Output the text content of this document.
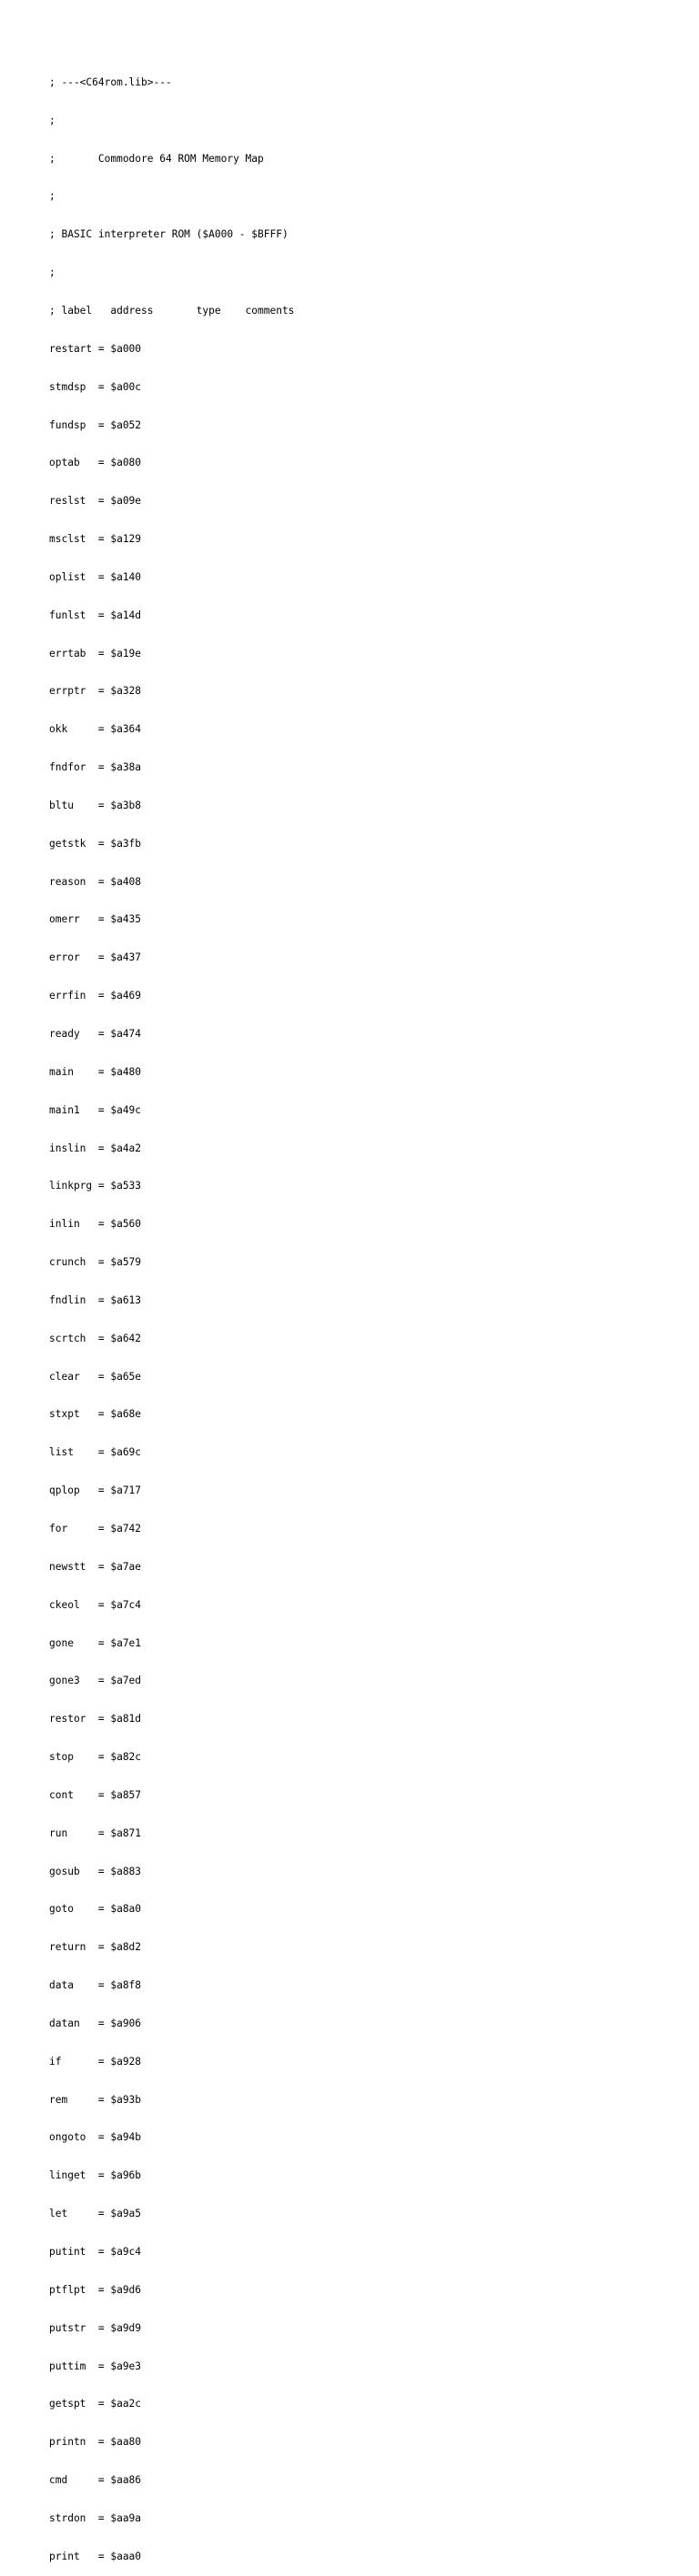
; ---<C64rom.lib>---

;

;       Commodore 64 ROM Memory Map

;

; BASIC interpreter ROM ($A000 - $BFFF)

;

; label   address       type    comments

restart = $a000

stmdsp  = $a00c

fundsp  = $a052

optab   = $a080

reslst  = $a09e

msclst  = $a129

oplist  = $a140

funlst  = $a14d

errtab  = $a19e

errptr  = $a328

okk     = $a364

fndfor  = $a38a

bltu    = $a3b8

getstk  = $a3fb

reason  = $a408

omerr   = $a435

error   = $a437

errfin  = $a469

ready   = $a474

main    = $a480

main1   = $a49c

inslin  = $a4a2

linkprg = $a533

inlin   = $a560

crunch  = $a579

fndlin  = $a613

scrtch  = $a642

clear   = $a65e

stxpt   = $a68e

list    = $a69c

qplop   = $a717

for     = $a742

newstt  = $a7ae

ckeol   = $a7c4

gone    = $a7e1

gone3   = $a7ed

restor  = $a81d

stop    = $a82c

cont    = $a857

run     = $a871

gosub   = $a883

goto    = $a8a0

return  = $a8d2

data    = $a8f8

datan   = $a906

if      = $a928

rem     = $a93b

ongoto  = $a94b

linget  = $a96b

let     = $a9a5

putint  = $a9c4

ptflpt  = $a9d6

putstr  = $a9d9

puttim  = $a9e3

getspt  = $aa2c

printn  = $aa80

cmd     = $aa86

strdon  = $aa9a

print   = $aaa0
